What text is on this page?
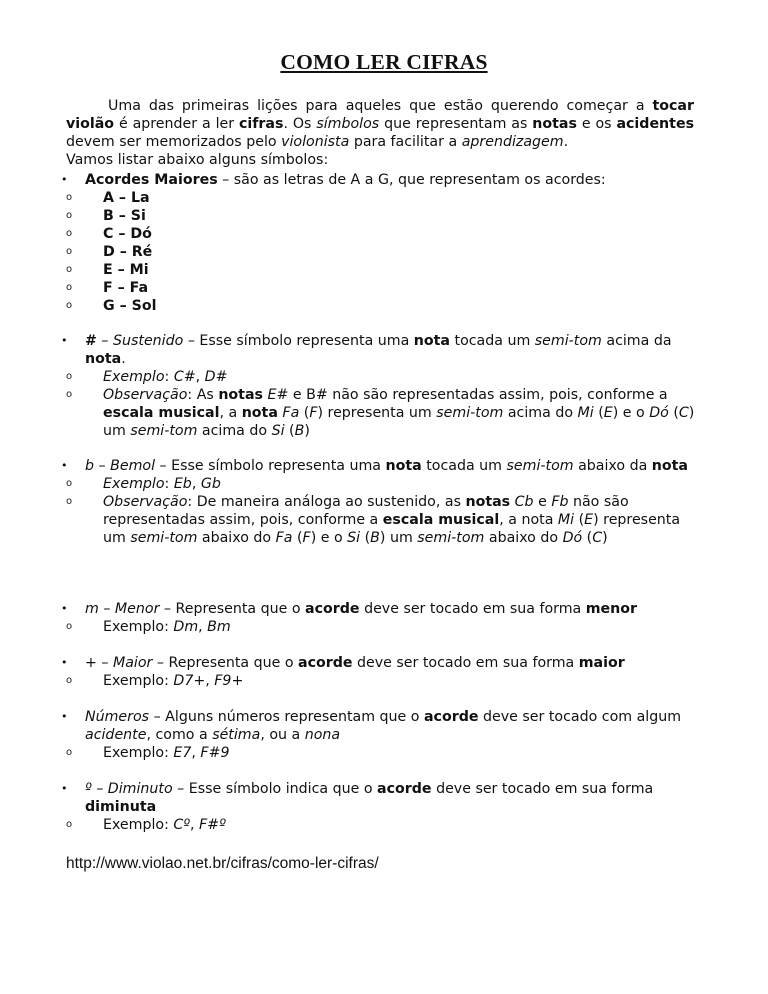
COMO LER CIFRAS
Uma das primeiras lições para aqueles que estão querendo começar a tocar violão é aprender a ler cifras. Os símbolos que representam as notas e os acidentes devem ser memorizados pelo violonista para facilitar a aprendizagem.
Vamos listar abaixo alguns símbolos:
• Acordes Maiores – são as letras de A a G, que representam os acordes:
o A – La
o B – Si
o C – Dó
o D – Ré
o E – Mi
o F – Fa
o G – Sol
• # – Sustenido – Esse símbolo representa uma nota tocada um semi-tom acima da nota.
o Exemplo: C#, D#
o Observação: As notas E# e B# não são representadas assim, pois, conforme a escala musical, a nota Fa (F) representa um semi-tom acima do Mi (E) e o Dó (C) um semi-tom acima do Si (B)
• b – Bemol – Esse símbolo representa uma nota tocada um semi-tom abaixo da nota
o Exemplo: Eb, Gb
o Observação: De maneira análoga ao sustenido, as notas Cb e Fb não são representadas assim, pois, conforme a escala musical, a nota Mi (E) representa um semi-tom abaixo do Fa (F) e o Si (B) um semi-tom abaixo do Dó (C)
• m – Menor – Representa que o acorde deve ser tocado em sua forma menor
o Exemplo: Dm, Bm
• + – Maior – Representa que o acorde deve ser tocado em sua forma maior
o Exemplo: D7+, F9+
• Números – Alguns números representam que o acorde deve ser tocado com algum acidente, como a sétima, ou a nona
o Exemplo: E7, F#9
• º – Diminuto – Esse símbolo indica que o acorde deve ser tocado em sua forma diminuta
o Exemplo: Cº, F#º
http://www.violao.net.br/cifras/como-ler-cifras/
